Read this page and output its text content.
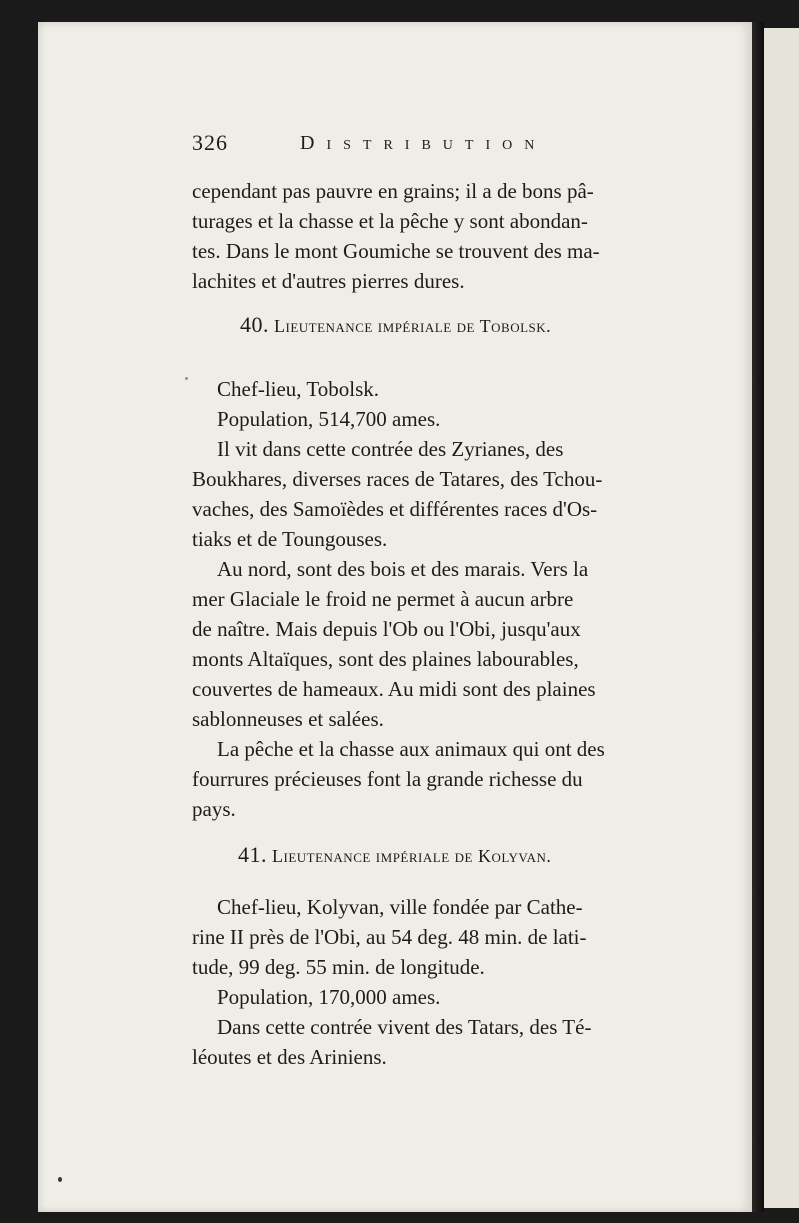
326	Distribution
cependant pas pauvre en grains; il a de bons pâ-
turages et la chasse et la pêche y sont abondan-
tes. Dans le mont Goumiche se trouvent des ma-
lachites et d'autres pierres dures.
40. Lieutenance impériale de Tobolsk.
Chef-lieu, Tobolsk.
Population, 514,700 ames.
Il vit dans cette contrée des Zyrianes, des
Boukhares, diverses races de Tatares, des Tchou-
vaches, des Samoïèdes et différentes races d'Os-
tiaks et de Toungouses.
Au nord, sont des bois et des marais. Vers la
mer Glaciale le froid ne permet à aucun arbre
de naître. Mais depuis l'Ob ou l'Obi, jusqu'aux
monts Altaïques, sont des plaines labourables,
couvertes de hameaux. Au midi sont des plaines
sablonneuses et salées.
La pêche et la chasse aux animaux qui ont des
fourrures précieuses font la grande richesse du
pays.
41. Lieutenance impériale de Kolyvan.
Chef-lieu, Kolyvan, ville fondée par Cathe-
rine II près de l'Obi, au 54 deg. 48 min. de lati-
tude, 99 deg. 55 min. de longitude.
Population, 170,000 ames.
Dans cette contrée vivent des Tatars, des Té-
léoutes et des Ariniens.
